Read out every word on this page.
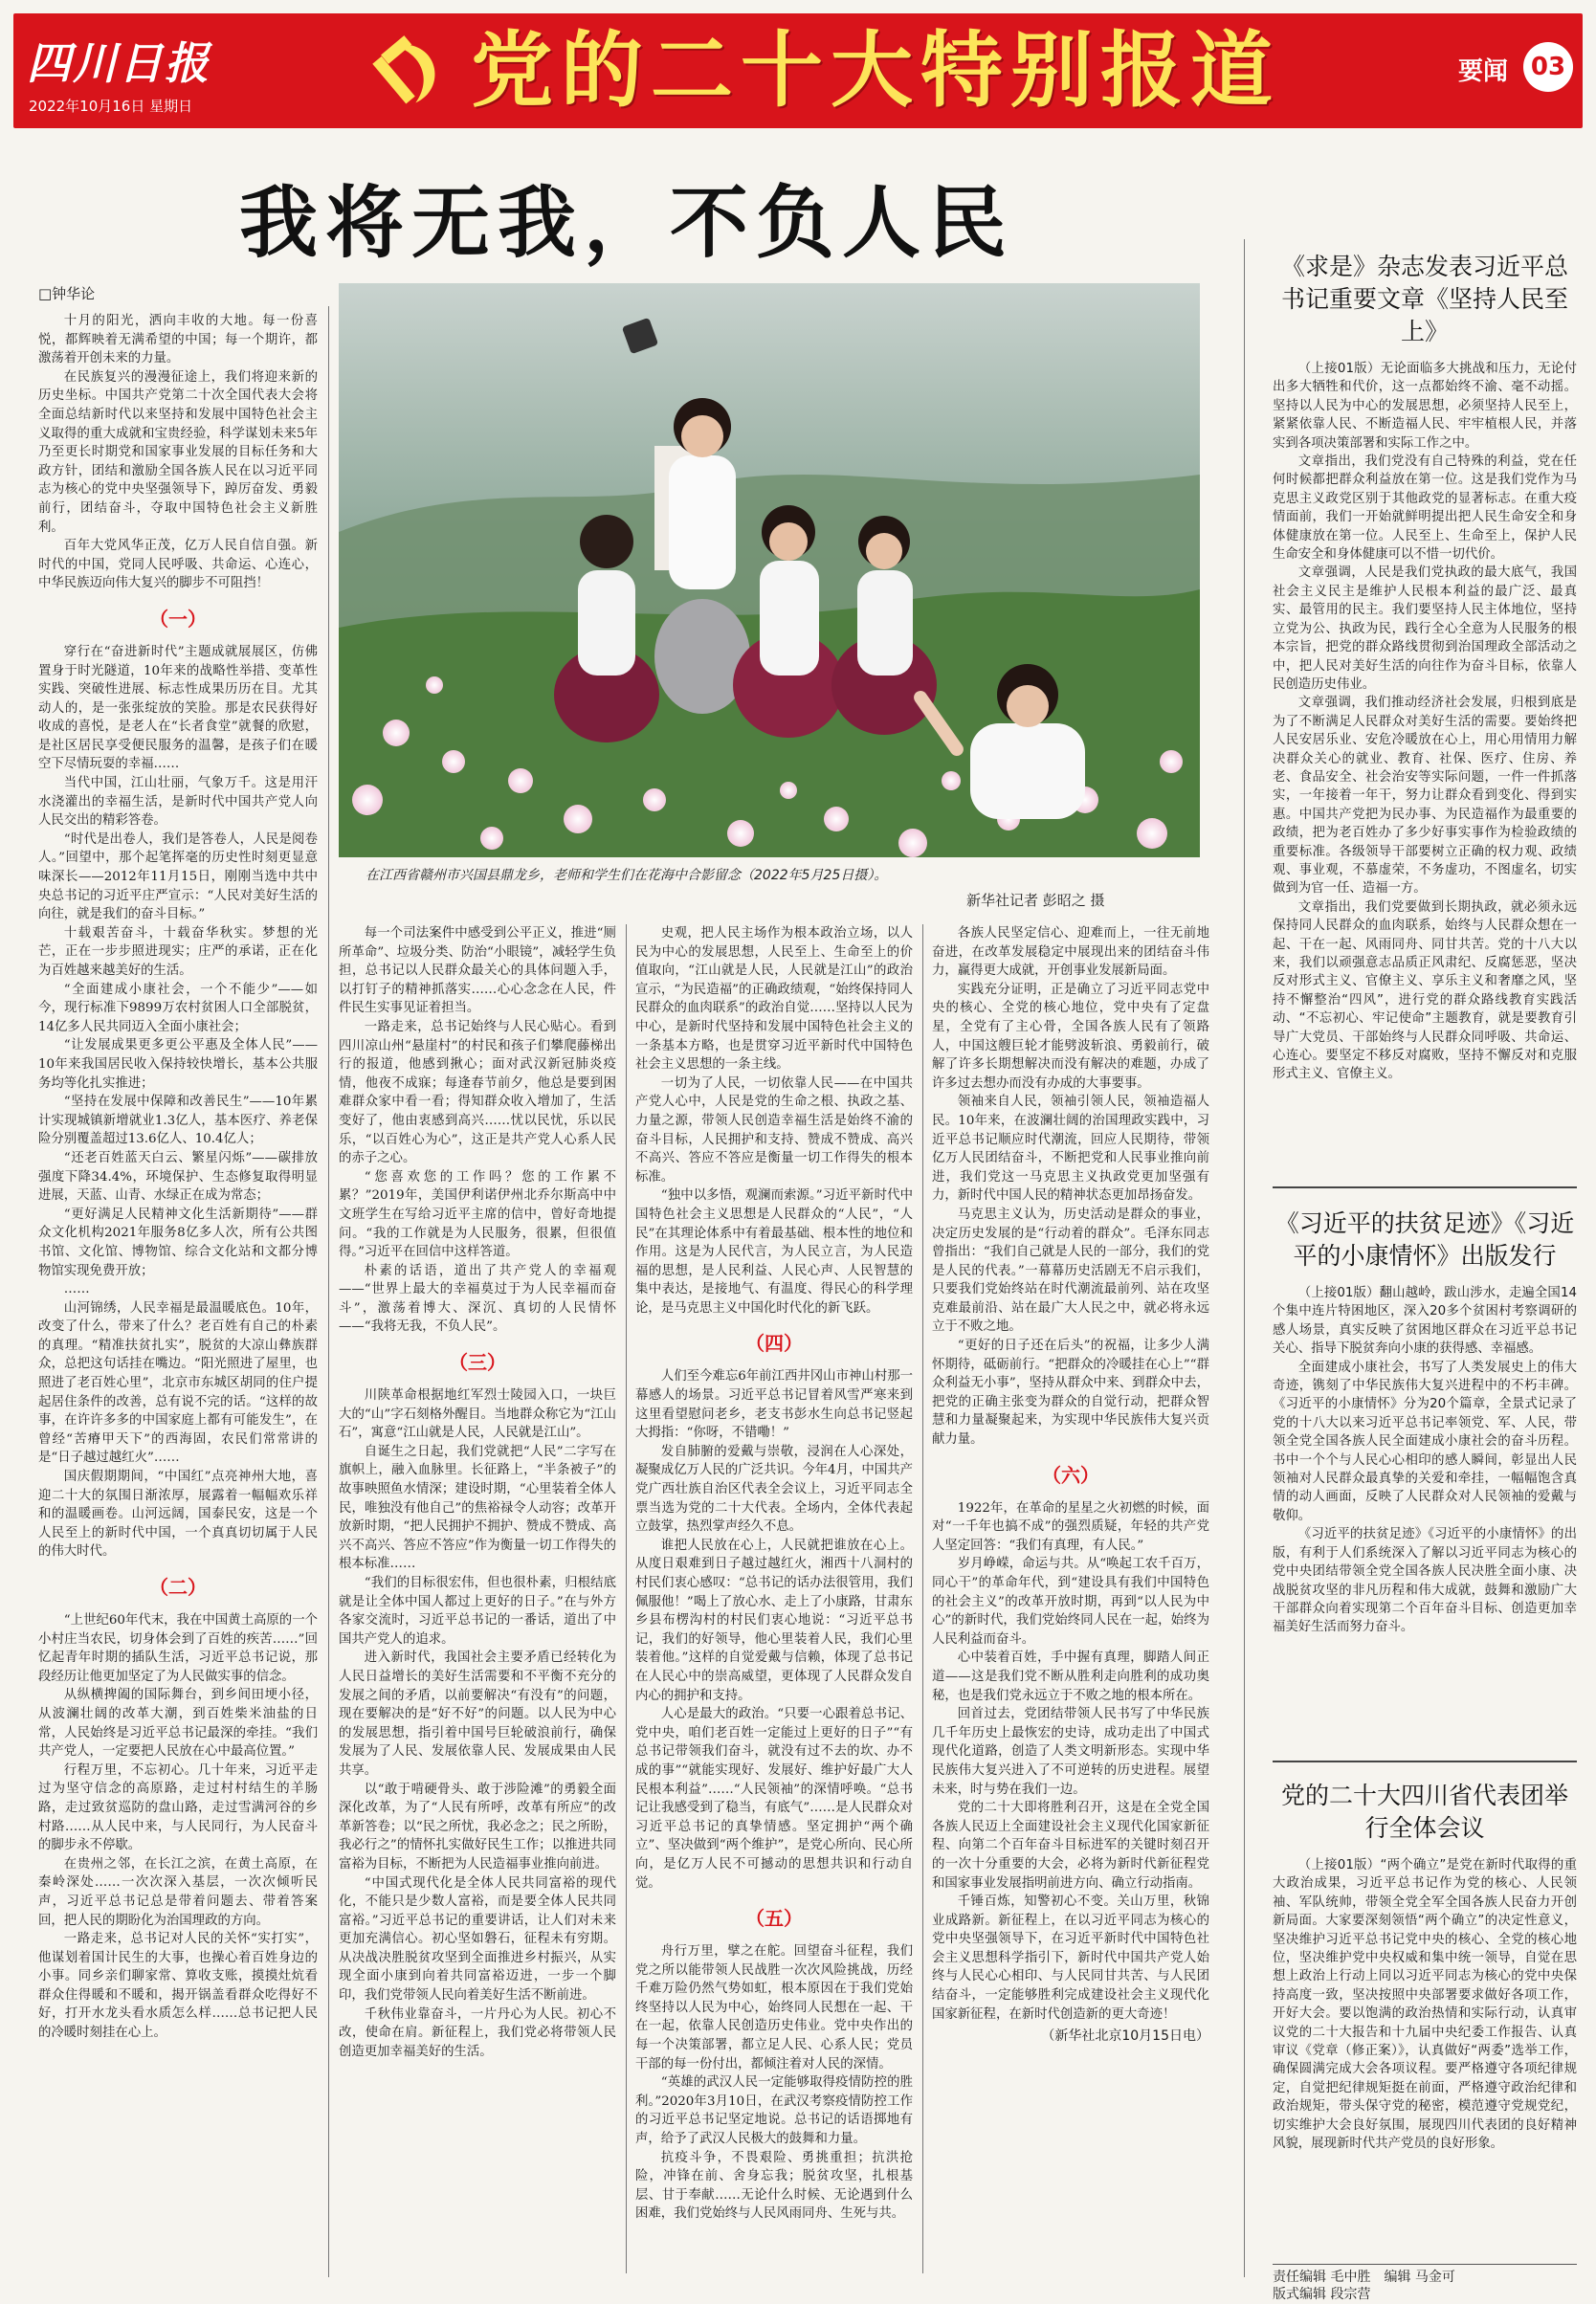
四川日报
2022年10月16日 星期日	党的二十大特别报道	要闻 03
我将无我，不负人民
□钟华论
在江西省赣州市兴国县鼎龙乡，老师和学生们在花海中合影留念（2022年5月25日摄）。
新华社记者 彭昭之 摄

十月的阳光，洒向丰收的大地。每一份喜悦，都辉映着无满希望的中国；每一个期许，都激荡着开创未来的力量。

在民族复兴的漫漫征途上，我们将迎来新的历史坐标。中国共产党第二十次全国代表大会将全面总结新时代以来坚持和发展中国特色社会主义取得的重大成就和宝贵经验，科学谋划未来5年乃至更长时期党和国家事业发展的目标任务和大政方针，团结和激励全国各族人民在以习近平同志为核心的党中央坚强领导下，踔厉奋发、勇毅前行，团结奋斗，夺取中国特色社会主义新胜利。

百年大党风华正茂，亿万人民自信自强。新时代的中国，党同人民呼吸、共命运、心连心，中华民族迈向伟大复兴的脚步不可阻挡！

（一）

穿行在“奋进新时代”主题成就展展区，仿佛置身于时光隧道，10年来的战略性举措、变革性实践、突破性进展、标志性成果历历在目。尤其动人的，是一张张绽放的笑脸。那是农民获得好收成的喜悦，是老人在“长者食堂”就餐的欣慰，是社区居民享受便民服务的温馨，是孩子们在暖空下尽情玩耍的幸福……

当代中国，江山壮丽，气象万千。这是用汗水浇灌出的幸福生活，是新时代中国共产党人向人民交出的精彩答卷。

“时代是出卷人，我们是答卷人，人民是阅卷人。”回望中，那个起笔挥毫的历史性时刻更显意味深长——2012年11月15日，刚刚当选中共中央总书记的习近平庄严宣示：“人民对美好生活的向往，就是我们的奋斗目标。”

十载艰苦奋斗，十载奋华秋实。梦想的光芒，正在一步步照进现实；庄严的承诺，正在化为百姓越来越美好的生活。

“全面建成小康社会，一个不能少”——如今，现行标准下9899万农村贫困人口全部脱贫，14亿多人民共同迈入全面小康社会；

“让发展成果更多更公平惠及全体人民”——10年来我国居民收入保持较快增长，基本公共服务均等化扎实推进；

“坚持在发展中保障和改善民生”——10年累计实现城镇新增就业1.3亿人，基本医疗、养老保险分别覆盖超过13.6亿人、10.4亿人；

“还老百姓蓝天白云、繁星闪烁”——碳排放强度下降34.4%，环境保护、生态修复取得明显进展，天蓝、山青、水绿正在成为常态；

“更好满足人民精神文化生活新期待”——群众文化机构2021年服务8亿多人次，所有公共图书馆、文化馆、博物馆、综合文化站和文都分博物馆实现免费开放；

……

山河锦绣，人民幸福是最温暖底色。10年，改变了什么，带来了什么？老百姓有自己的朴素的真理。“精准扶贫扎实”，脱贫的大凉山彝族群众，总把这句话挂在嘴边。“阳光照进了屋里，也照进了老百姓心里”，北京市东城区胡同的住户提起居住条件的改善，总有说不完的话。“这样的故事，在许许多多的中国家庭上都有可能发生”，在曾经“苦瘠甲天下”的西海固，农民们常常讲的是“日子越过越红火”……

国庆假期期间，“中国红”点亮神州大地，喜迎二十大的氛围日渐浓厚，展露着一幅幅欢乐祥和的温暖画卷。山河远阔，国泰民安，这是一个人民至上的新时代中国，一个真真切切属于人民的伟大时代。

（二）

“上世纪60年代末，我在中国黄土高原的一个小村庄当农民，切身体会到了百姓的疾苦……”回忆起青年时期的插队生活，习近平总书记说，那段经历让他更加坚定了为人民做实事的信念。

从纵横捭阖的国际舞台，到乡间田埂小径，从波澜壮阔的改革大潮，到百姓柴米油盐的日常，人民始终是习近平总书记最深的牵挂。“我们共产党人，一定要把人民放在心中最高位置。”

行程万里，不忘初心。几十年来，习近平走过为坚守信念的高原路，走过村村结生的羊肠路，走过致贫巡防的盘山路，走过雪满河谷的乡村路……从人民中来，与人民同行，为人民奋斗的脚步永不停歇。

在贵州之邻，在长江之滨，在黄土高原，在秦岭深处……一次次深入基层，一次次倾听民声，习近平总书记总是带着问题去、带着答案回，把人民的期盼化为治国理政的方向。

一路走来，总书记对人民的关怀“实打实”，他谋划着国计民生的大事，也操心着百姓身边的小事。同乡亲们聊家常、算收支账，摸摸灶炕看群众住得暖和不暖和，揭开锅盖看群众吃得好不好，打开水龙头看水质怎么样……总书记把人民的冷暖时刻挂在心上。

每一个司法案件中感受到公平正义，推进“厕所革命”、垃圾分类、防治“小眼镜”，减轻学生负担，总书记以人民群众最关心的具体问题入手，以打钉子的精神抓落实……心心念念在人民，件件民生实事见证着担当。

一路走来，总书记始终与人民心贴心。看到四川凉山州“悬崖村”的村民和孩子们攀爬藤梯出行的报道，他感到揪心；面对武汉新冠肺炎疫情，他夜不成寐；每逢春节前夕，他总是要到困难群众家中看一看；得知群众收入增加了，生活变好了，他由衷感到高兴……忧以民忧，乐以民乐，“以百姓心为心”，这正是共产党人心系人民的赤子之心。

“您喜欢您的工作吗？您的工作累不累？”2019年，美国伊利诺伊州北乔尔斯高中中文班学生在写给习近平主席的信中，曾好奇地提问。“我的工作就是为人民服务，很累，但很值得。”习近平在回信中这样答道。

朴素的话语，道出了共产党人的幸福观——“世界上最大的幸福莫过于为人民幸福而奋斗”，激荡着博大、深沉、真切的人民情怀——“我将无我，不负人民”。

（三）

川陕革命根据地红军烈士陵园入口，一块巨大的“山”字石刻格外醒目。当地群众称它为“江山石”，寓意“江山就是人民，人民就是江山”。

自诞生之日起，我们党就把“人民”二字写在旗帜上，融入血脉里。长征路上，“半条被子”的故事映照鱼水情深；建设时期，“心里装着全体人民，唯独没有他自己”的焦裕禄令人动容；改革开放新时期，“把人民拥护不拥护、赞成不赞成、高兴不高兴、答应不答应”作为衡量一切工作得失的根本标准……

“我们的目标很宏伟，但也很朴素，归根结底就是让全体中国人都过上更好的日子。”在与外方各家交流时，习近平总书记的一番话，道出了中国共产党人的追求。

进入新时代，我国社会主要矛盾已经转化为人民日益增长的美好生活需要和不平衡不充分的发展之间的矛盾，以前要解决“有没有”的问题，现在要解决的是“好不好”的问题。以人民为中心的发展思想，指引着中国号巨轮破浪前行，确保发展为了人民、发展依靠人民、发展成果由人民共享。

以“敢于啃硬骨头、敢于涉险滩”的勇毅全面深化改革，为了“人民有所呼，改革有所应”的改革新答卷；以“民之所忧，我必念之；民之所盼，我必行之”的情怀扎实做好民生工作；以推进共同富裕为目标，不断把为人民造福事业推向前进。

“中国式现代化是全体人民共同富裕的现代化，不能只是少数人富裕，而是要全体人民共同富裕。”习近平总书记的重要讲话，让人们对未来更加充满信心。初心坚如磐石，征程未有穷期。从决战决胜脱贫攻坚到全面推进乡村振兴，从实现全面小康到向着共同富裕迈进，一步一个脚印，我们党带领人民向着美好生活不断前进。

千秋伟业靠奋斗，一片丹心为人民。初心不改，使命在肩。新征程上，我们党必将带领人民创造更加幸福美好的生活。

史观，把人民主场作为根本政治立场，以人民为中心的发展思想，人民至上、生命至上的价值取向，“江山就是人民，人民就是江山”的政治宣示，“为民造福”的正确政绩观，“始终保持同人民群众的血肉联系”的政治自觉……坚持以人民为中心，是新时代坚持和发展中国特色社会主义的一条基本方略，也是贯穿习近平新时代中国特色社会主义思想的一条主线。

一切为了人民，一切依靠人民——在中国共产党人心中，人民是党的生命之根、执政之基、力量之源，带领人民创造幸福生活是始终不渝的奋斗目标，人民拥护和支持、赞成不赞成、高兴不高兴、答应不答应是衡量一切工作得失的根本标准。

“独中以多悟，观澜而索源。”习近平新时代中国特色社会主义思想是人民群众的“人民”，“人民”在其理论体系中有着最基础、根本性的地位和作用。这是为人民代言，为人民立言，为人民造福的思想，是人民利益、人民心声、人民智慧的集中表达，是接地气、有温度、得民心的科学理论，是马克思主义中国化时代化的新飞跃。

（四）

人们至今难忘6年前江西井冈山市神山村那一幕感人的场景。习近平总书记冒着风雪严寒来到这里看望慰问老乡，老支书彭水生向总书记竖起大拇指：“你呀，不错嘞！”

发自肺腑的爱戴与崇敬，浸润在人心深处，凝聚成亿万人民的广泛共识。今年4月，中国共产党广西壮族自治区代表全会议上，习近平同志全票当选为党的二十大代表。全场内，全体代表起立鼓掌，热烈掌声经久不息。

谁把人民放在心上，人民就把谁放在心上。从度日艰难到日子越过越红火，湘西十八洞村的村民们衷心感叹：“总书记的话办法很管用，我们佩服他！”喝上了放心水、走上了小康路，甘肃东乡县布楞沟村的村民们衷心地说：“习近平总书记，我们的好领导，他心里装着人民，我们心里装着他。”这样的自觉爱戴与信赖，体现了总书记在人民心中的崇高威望，更体现了人民群众发自内心的拥护和支持。

人心是最大的政治。“只要一心跟着总书记、党中央，咱们老百姓一定能过上更好的日子”“有总书记带领我们奋斗，就没有过不去的坎、办不成的事”“就能实现好、发展好、维护好最广大人民根本利益”……“人民领袖”的深情呼唤。“总书记让我感受到了稳当，有底气”……是人民群众对习近平总书记的真挚情感。坚定拥护“两个确立”、坚决做到“两个维护”，是党心所向、民心所向，是亿万人民不可撼动的思想共识和行动自觉。

（五）

舟行万里，擘之在舵。回望奋斗征程，我们党之所以能带领人民战胜一次次风险挑战，历经千难万险仍然气势如虹，根本原因在于我们党始终坚持以人民为中心，始终同人民想在一起、干在一起，依靠人民创造历史伟业。党中央作出的每一个决策部署，都立足人民、心系人民；党员干部的每一份付出，都倾注着对人民的深情。

“英雄的武汉人民一定能够取得疫情防控的胜利。”2020年3月10日，在武汉考察疫情防控工作的习近平总书记坚定地说。总书记的话语掷地有声，给予了武汉人民极大的鼓舞和力量。

抗疫斗争，不畏艰险、勇挑重担；抗洪抢险，冲锋在前、舍身忘我；脱贫攻坚，扎根基层、甘于奉献……无论什么时候、无论遇到什么困难，我们党始终与人民风雨同舟、生死与共。

各族人民坚定信心、迎难而上，一往无前地奋进，在改革发展稳定中展现出来的团结奋斗伟力，赢得更大成就，开创事业发展新局面。

实践充分证明，正是确立了习近平同志党中央的核心、全党的核心地位，党中央有了定盘星，全党有了主心骨，全国各族人民有了领路人，中国这艘巨轮才能劈波斩浪、勇毅前行，破解了许多长期想解决而没有解决的难题，办成了许多过去想办而没有办成的大事要事。

领袖来自人民，领袖引领人民，领袖造福人民。10年来，在波澜壮阔的治国理政实践中，习近平总书记顺应时代潮流，回应人民期待，带领亿万人民团结奋斗，不断把党和人民事业推向前进，我们党这一马克思主义执政党更加坚强有力，新时代中国人民的精神状态更加昂扬奋发。

马克思主义认为，历史活动是群众的事业，决定历史发展的是“行动着的群众”。毛泽东同志曾指出：“我们自己就是人民的一部分，我们的党是人民的代表。”一幕幕历史活剧无不启示我们，只要我们党始终站在时代潮流最前列、站在攻坚克难最前沿、站在最广大人民之中，就必将永远立于不败之地。

“更好的日子还在后头”的祝福，让多少人满怀期待，砥砺前行。“把群众的冷暖挂在心上”“群众利益无小事”，坚持从群众中来、到群众中去，把党的正确主张变为群众的自觉行动，把群众智慧和力量凝聚起来，为实现中华民族伟大复兴贡献力量。

（六）

1922年，在革命的星星之火初燃的时候，面对“一千年也搞不成”的强烈质疑，年轻的共产党人坚定回答：“我们有真理，有人民。”

岁月峥嵘，命运与共。从“唤起工农千百万，同心干”的革命年代，到“建设具有我们中国特色的社会主义”的改革开放时期，再到“以人民为中心”的新时代，我们党始终同人民在一起，始终为人民利益而奋斗。

心中装着百姓，手中握有真理，脚踏人间正道——这是我们党不断从胜利走向胜利的成功奥秘，也是我们党永远立于不败之地的根本所在。

回首过去，党团结带领人民书写了中华民族几千年历史上最恢宏的史诗，成功走出了中国式现代化道路，创造了人类文明新形态。实现中华民族伟大复兴进入了不可逆转的历史进程。展望未来，时与势在我们一边。

党的二十大即将胜利召开，这是在全党全国各族人民迈上全面建设社会主义现代化国家新征程、向第二个百年奋斗目标进军的关键时刻召开的一次十分重要的大会，必将为新时代新征程党和国家事业发展指明前进方向、确立行动指南。

千锤百炼，知警初心不变。关山万里，秋锦业成路新。新征程上，在以习近平同志为核心的党中央坚强领导下，在习近平新时代中国特色社会主义思想科学指引下，新时代中国共产党人始终与人民心心相印、与人民同甘共苦、与人民团结奋斗，一定能够胜利完成建设社会主义现代化国家新征程，在新时代创造新的更大奇迹！

（新华社北京10月15日电）

《求是》杂志发表习近平总书记重要文章《坚持人民至上》

（上接01版）无论面临多大挑战和压力，无论付出多大牺牲和代价，这一点都始终不渝、毫不动摇。坚持以人民为中心的发展思想，必须坚持人民至上，紧紧依靠人民、不断造福人民、牢牢植根人民，并落实到各项决策部署和实际工作之中。

文章指出，我们党没有自己特殊的利益，党在任何时候都把群众利益放在第一位。这是我们党作为马克思主义政党区别于其他政党的显著标志。在重大疫情面前，我们一开始就鲜明提出把人民生命安全和身体健康放在第一位。人民至上、生命至上，保护人民生命安全和身体健康可以不惜一切代价。

文章强调，人民是我们党执政的最大底气，我国社会主义民主是维护人民根本利益的最广泛、最真实、最管用的民主。我们要坚持人民主体地位，坚持立党为公、执政为民，践行全心全意为人民服务的根本宗旨，把党的群众路线贯彻到治国理政全部活动之中，把人民对美好生活的向往作为奋斗目标，依靠人民创造历史伟业。

文章强调，我们推动经济社会发展，归根到底是为了不断满足人民群众对美好生活的需要。要始终把人民安居乐业、安危冷暖放在心上，用心用情用力解决群众关心的就业、教育、社保、医疗、住房、养老、食品安全、社会治安等实际问题，一件一件抓落实，一年接着一年干，努力让群众看到变化、得到实惠。中国共产党把为民办事、为民造福作为最重要的政绩，把为老百姓办了多少好事实事作为检验政绩的重要标准。各级领导干部要树立正确的权力观、政绩观、事业观，不慕虚荣，不务虚功，不图虚名，切实做到为官一任、造福一方。

文章指出，我们党要做到长期执政，就必须永远保持同人民群众的血肉联系，始终与人民群众想在一起、干在一起、风雨同舟、同甘共苦。党的十八大以来，我们以顽强意志品质正风肃纪、反腐惩恶，坚决反对形式主义、官僚主义、享乐主义和奢靡之风，坚持不懈整治“四风”，进行党的群众路线教育实践活动、“不忘初心、牢记使命”主题教育，就是要教育引导广大党员、干部始终与人民群众同呼吸、共命运、心连心。要坚定不移反对腐败，坚持不懈反对和克服形式主义、官僚主义。

《习近平的扶贫足迹》《习近平的小康情怀》出版发行

（上接01版）翻山越岭，跋山涉水，走遍全国14个集中连片特困地区，深入20多个贫困村考察调研的感人场景，真实反映了贫困地区群众在习近平总书记关心、指导下脱贫奔向小康的获得感、幸福感。

全面建成小康社会，书写了人类发展史上的伟大奇迹，镌刻了中华民族伟大复兴进程中的不朽丰碑。《习近平的小康情怀》分为20个篇章，全景式记录了党的十八大以来习近平总书记率领党、军、人民，带领全党全国各族人民全面建成小康社会的奋斗历程。书中一个个与人民心心相印的感人瞬间，彰显出人民领袖对人民群众最真挚的关爱和牵挂，一幅幅饱含真情的动人画面，反映了人民群众对人民领袖的爱戴与敬仰。

《习近平的扶贫足迹》《习近平的小康情怀》的出版，有利于人们系统深入了解以习近平同志为核心的党中央团结带领全党全国各族人民决胜全面小康、决战脱贫攻坚的非凡历程和伟大成就，鼓舞和激励广大干部群众向着实现第二个百年奋斗目标、创造更加幸福美好生活而努力奋斗。

党的二十大四川省代表团举行全体会议

（上接01版）“两个确立”是党在新时代取得的重大政治成果，习近平总书记作为党的核心、人民领袖、军队统帅，带领全党全军全国各族人民奋力开创新局面。大家要深刻领悟“两个确立”的决定性意义，坚决维护习近平总书记党中央的核心、全党的核心地位，坚决维护党中央权威和集中统一领导，自觉在思想上政治上行动上同以习近平同志为核心的党中央保持高度一致，坚决按照中央部署要求做好各项工作，开好大会。要以饱满的政治热情和实际行动，认真审议党的二十大报告和十九届中央纪委工作报告、认真审议《党章（修正案）》，认真做好“两委”选举工作，确保圆满完成大会各项议程。要严格遵守各项纪律规定，自觉把纪律规矩挺在前面，严格遵守政治纪律和政治规矩，带头保守党的秘密，模范遵守党规党纪，切实维护大会良好氛围，展现四川代表团的良好精神风貌，展现新时代共产党员的良好形象。

责任编辑 毛中胜　编辑 马金可
版式编辑 段宗营
